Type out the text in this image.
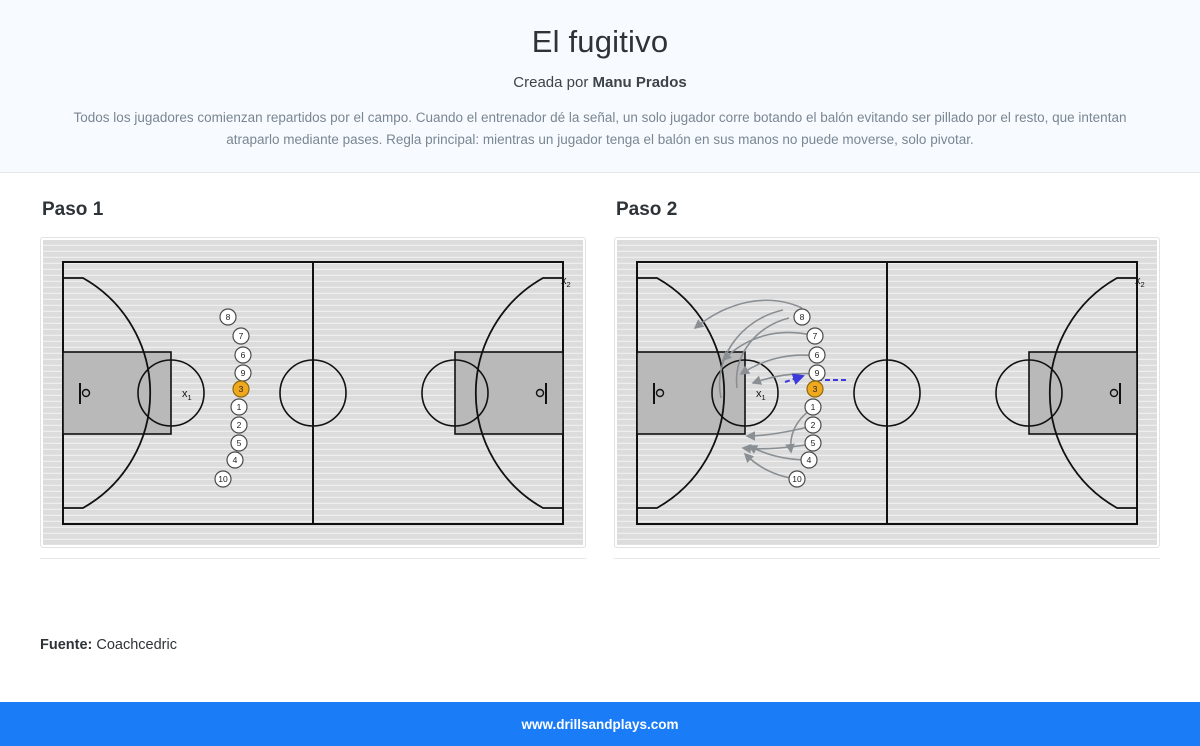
El fugitivo
Creada por Manu Prados
Todos los jugadores comienzan repartidos por el campo. Cuando el entrenador dé la señal, un solo jugador corre botando el balón evitando ser pillado por el resto, que intentan atraparlo mediante pases. Regla principal: mientras un jugador tenga el balón en sus manos no puede moverse, solo pivotar.
Paso 1
$x_1$
$x_2$
8
7
6
9
3
1
2
5
4
10
Paso 2
$x_1$
$x_2$
8
7
6
9
3
1
2
5
4
10
Fuente: Coachcedric
www.drillsandplays.com
